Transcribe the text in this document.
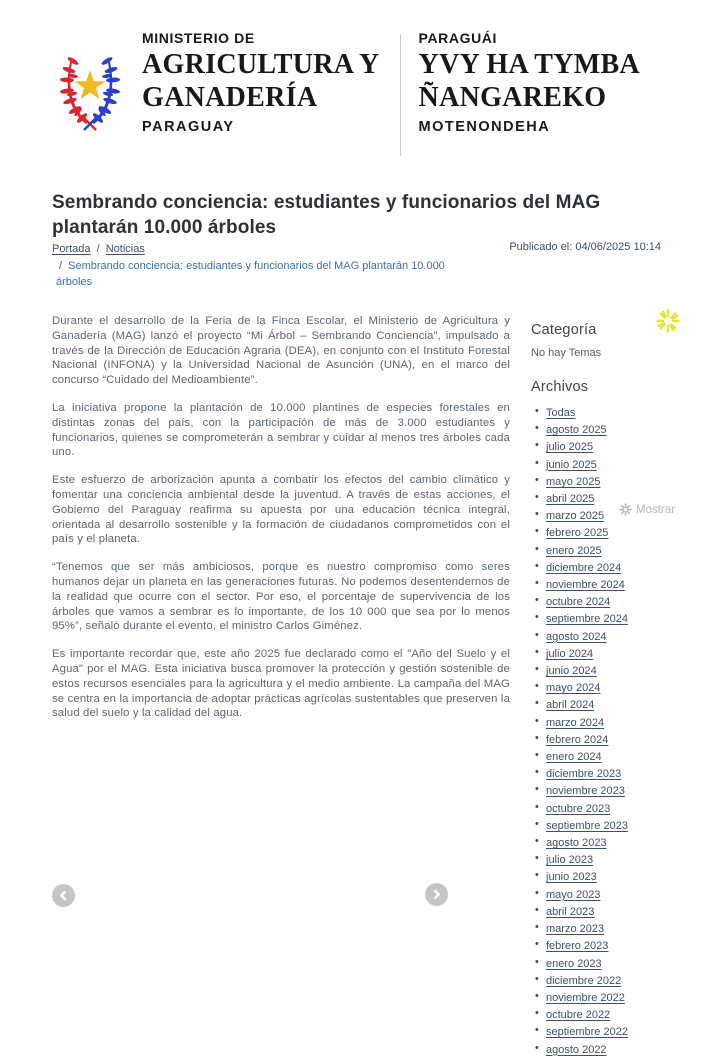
MINISTERIO DE
AGRICULTURA Y
GANADERÍA
PARAGUAY
PARAGUÁI
YVY HA TYMBA
ÑANGAREKO
MOTENONDEHA
Sembrando conciencia: estudiantes y funcionarios del MAG plantarán 10.000 árboles
Portada / Noticias
/ Sembrando conciencia: estudiantes y funcionarios del MAG plantarán 10.000 árboles
Publicado el: 04/06/2025 10:14

Durante el desarrollo de la Feria de la Finca Escolar, el Ministerio de Agricultura y Ganadería (MAG) lanzó el proyecto “Mi Árbol – Sembrando Conciencia”, impulsado a través de la Dirección de Educación Agraria (DEA), en conjunto con el Instituto Forestal Nacional (INFONA) y la Universidad Nacional de Asunción (UNA), en el marco del concurso “Cuidado del Medioambiente”.

La iniciativa propone la plantación de 10.000 plantines de especies forestales en distintas zonas del país, con la participación de más de 3.000 estudiantes y funcionarios, quienes se comprometerán a sembrar y cuidar al menos tres árboles cada uno.

Este esfuerzo de arborización apunta a combatir los efectos del cambio climático y fomentar una conciencia ambiental desde la juventud. A través de estas acciones, el Gobierno del Paraguay reafirma su apuesta por una educación técnica integral, orientada al desarrollo sostenible y la formación de ciudadanos comprometidos con el país y el planeta.

“Tenemos que ser más ambiciosos, porque es nuestro compromiso como seres humanos dejar un planeta en las generaciones futuras. No podemos desentendernos de la realidad que ocurre con el sector. Por eso, el porcentaje de supervivencia de los árboles que vamos a sembrar es lo importante, de los 10 000 que sea por lo menos 95%”, señaló durante el evento, el ministro Carlos Giménez.

Es importante recordar que, este año 2025 fue declarado como el "Año del Suelo y el Agua" por el MAG. Esta iniciativa busca promover la protección y gestión sostenible de estos recursos esenciales para la agricultura y el medio ambiente. La campaña del MAG se centra en la importancia de adoptar prácticas agrícolas sustentables que preserven la salud del suelo y la calidad del agua.

Categoría
No hay Temas
Archivos
• Todas
• agosto 2025
• julio 2025
• junio 2025
• mayo 2025
• abril 2025
• marzo 2025
• febrero 2025
• enero 2025
• diciembre 2024
• noviembre 2024
• octubre 2024
• septiembre 2024
• agosto 2024
• julio 2024
• junio 2024
• mayo 2024
• abril 2024
• marzo 2024
• febrero 2024
• enero 2024
• diciembre 2023
• noviembre 2023
• octubre 2023
• septiembre 2023
• agosto 2023
• julio 2023
• junio 2023
• mayo 2023
• abril 2023
• marzo 2023
• febrero 2023
• enero 2023
• diciembre 2022
• noviembre 2022
• octubre 2022
• septiembre 2022
• agosto 2022
Mostrar
